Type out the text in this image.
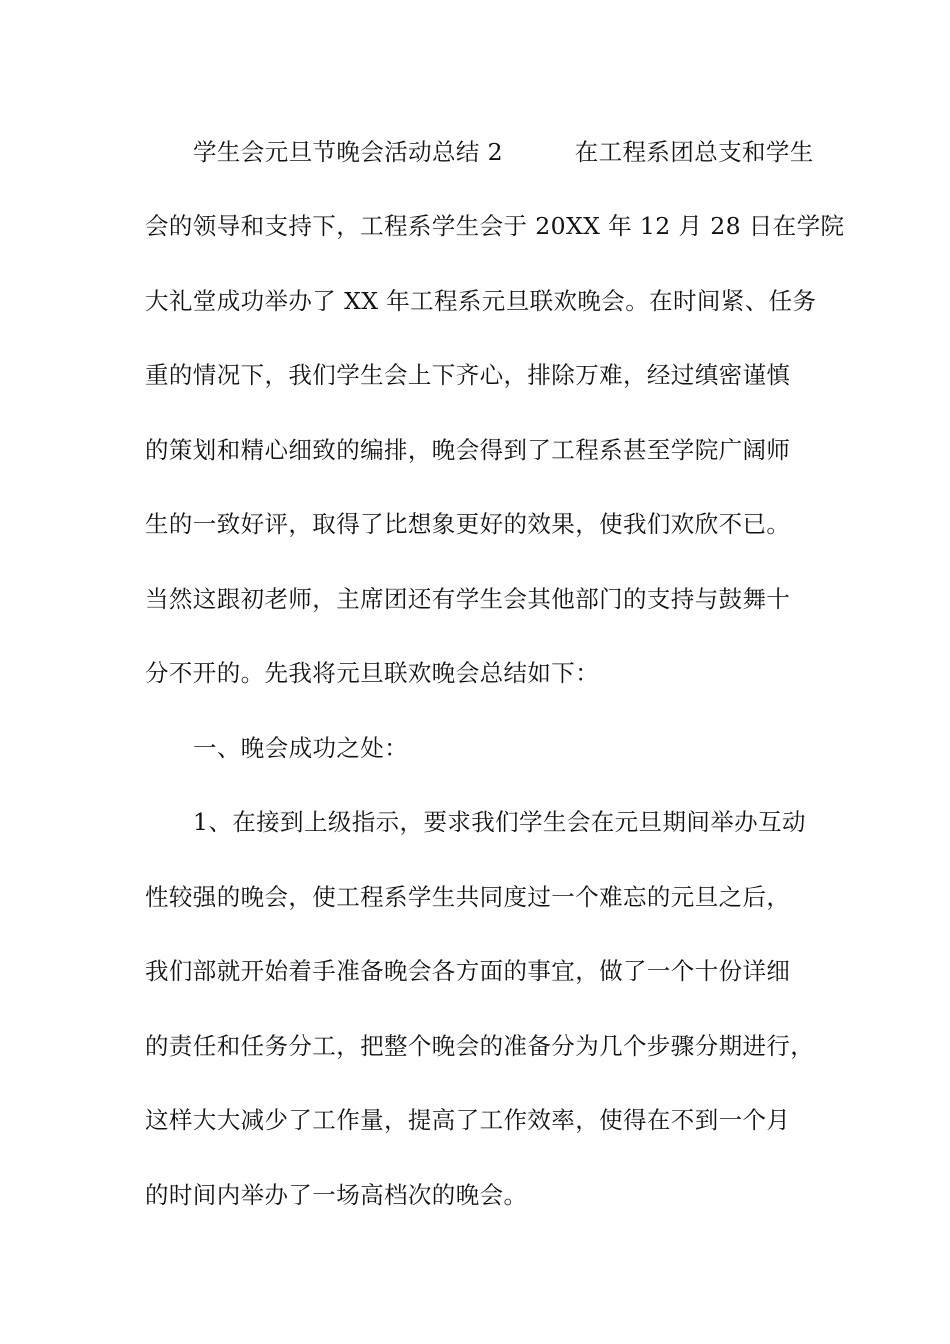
学生会元旦节晚会活动总结 2　　　在工程系团总支和学生
会的领导和支持下，工程系学生会于 20XX 年 12 月 28 日在学院
大礼堂成功举办了 XX 年工程系元旦联欢晚会。在时间紧、任务
重的情况下，我们学生会上下齐心，排除万难，经过缜密谨慎
的策划和精心细致的编排，晚会得到了工程系甚至学院广阔师
生的一致好评，取得了比想象更好的效果，使我们欢欣不已。
当然这跟初老师，主席团还有学生会其他部门的支持与鼓舞十
分不开的。先我将元旦联欢晚会总结如下：
一、晚会成功之处：
1、在接到上级指示，要求我们学生会在元旦期间举办互动
性较强的晚会，使工程系学生共同度过一个难忘的元旦之后，
我们部就开始着手准备晚会各方面的事宜，做了一个十份详细
的责任和任务分工，把整个晚会的准备分为几个步骤分期进行，
这样大大减少了工作量，提高了工作效率，使得在不到一个月
的时间内举办了一场高档次的晚会。
